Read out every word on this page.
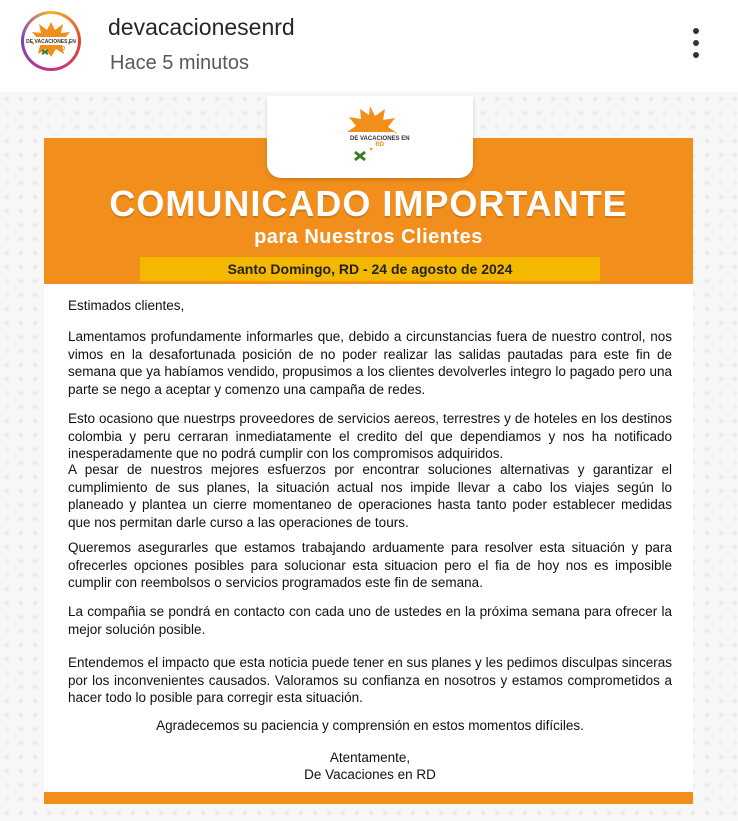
DE VACACIONES EN
RD
devacacionesenrd
Hace 5 minutos
DE VACACIONES EN
RD
COMUNICADO IMPORTANTE
para Nuestros Clientes
Santo Domingo, RD - 24 de agosto de 2024

Estimados clientes,

Lamentamos profundamente informarles que, debido a circunstancias fuera de nuestro control, nos vimos en la desafortunada posición de no poder realizar las salidas pautadas para este fin de semana que ya habíamos vendido, propusimos a los clientes devolverles integro lo pagado pero una parte se nego a aceptar y comenzo una campaña de redes.

Esto ocasiono que nuestrps proveedores de servicios aereos, terrestres y de hoteles en los destinos colombia y peru cerraran inmediatamente el credito del que dependiamos y nos ha notificado inesperadamente que no podrá cumplir con los compromisos adquiridos.

A pesar de nuestros mejores esfuerzos por encontrar soluciones alternativas y garantizar el cumplimiento de sus planes, la situación actual nos impide llevar a cabo los viajes según lo planeado y plantea un cierre momentaneo de operaciones hasta tanto poder establecer medidas que nos permitan darle curso a las operaciones de tours.

Queremos asegurarles que estamos trabajando arduamente para resolver esta situación y para ofrecerles opciones posibles para solucionar esta situacion pero el fia de hoy nos es imposible cumplir con reembolsos o servicios programados este fin de semana.

La compañia se pondrá en contacto con cada uno de ustedes en la próxima semana para ofrecer la mejor solución posible.

Entendemos el impacto que esta noticia puede tener en sus planes y les pedimos disculpas sinceras por los inconvenientes causados. Valoramos su confianza en nosotros y estamos comprometidos a hacer todo lo posible para corregir esta situación.

Agradecemos su paciencia y comprensión en estos momentos difíciles.

Atentamente,

De Vacaciones en RD
